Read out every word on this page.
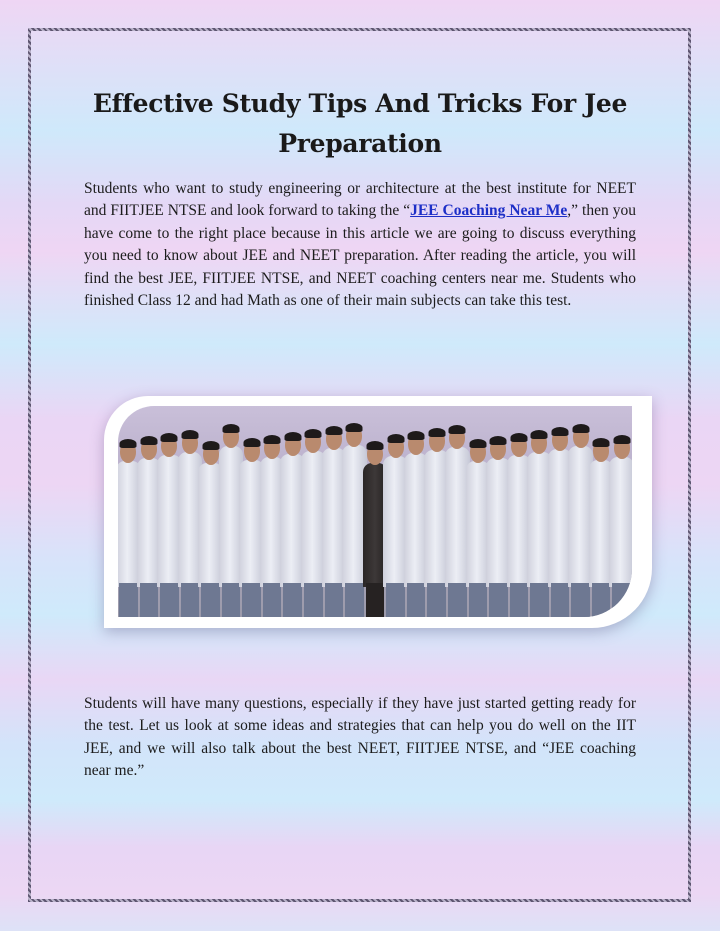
Effective Study Tips And Tricks For Jee Preparation

Students who want to study engineering or architecture at the best institute for NEET and FIITJEE NTSE and look forward to taking the “JEE Coaching Near Me,” then you have come to the right place because in this article we are going to discuss everything you need to know about JEE and NEET preparation. After reading the article, you will find the best JEE, FIITJEE NTSE, and NEET coaching centers near me. Students who finished Class 12 and had Math as one of their main subjects can take this test.

Students will have many questions, especially if they have just started getting ready for the test. Let us look at some ideas and strategies that can help you do well on the IIT JEE, and we will also talk about the best NEET, FIITJEE NTSE, and “JEE coaching near me.”
